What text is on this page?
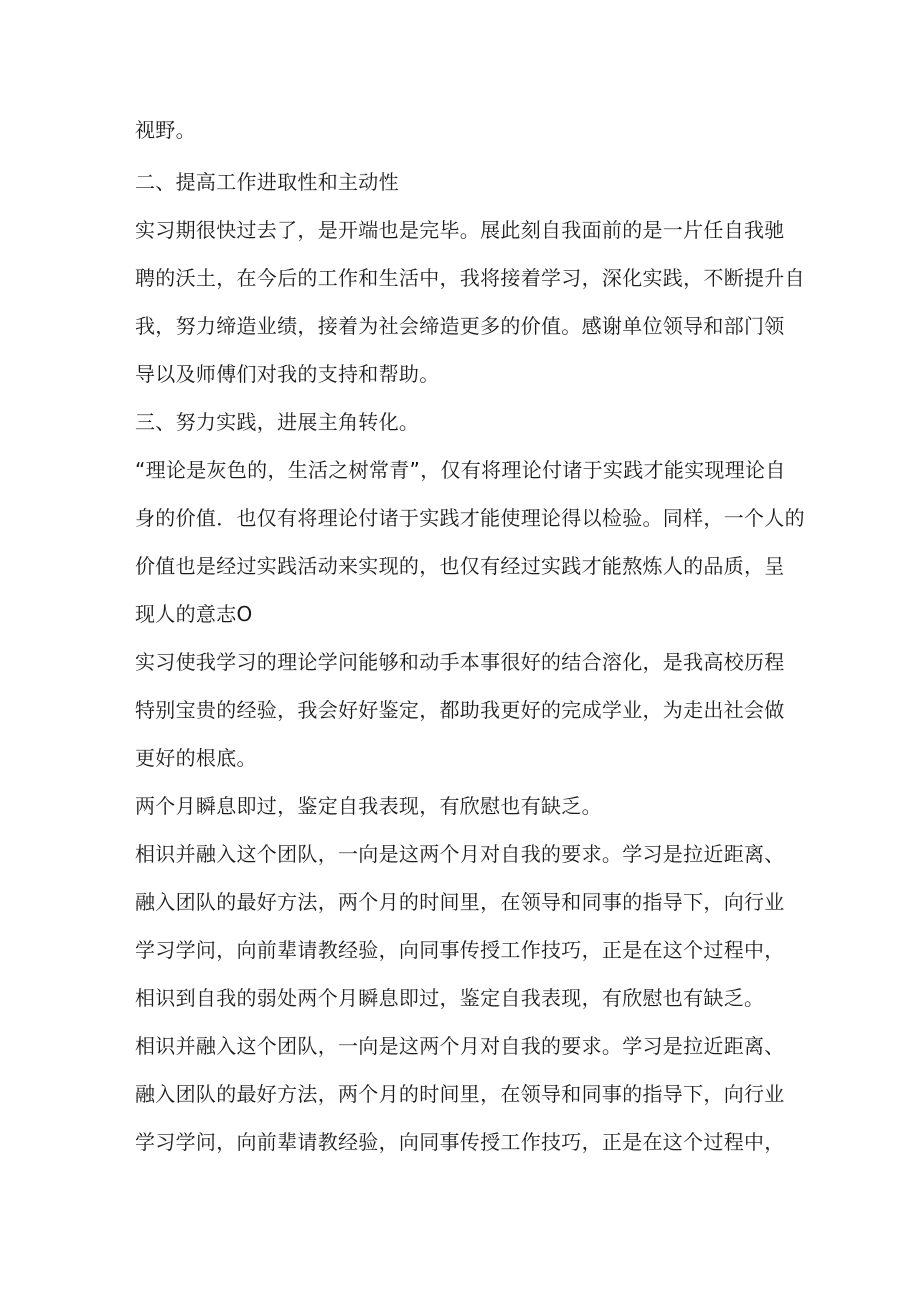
视野。
二、提高工作进取性和主动性
实习期很快过去了，是开端也是完毕。展此刻自我面前的是一片任自我驰
聘的沃土，在今后的工作和生活中，我将接着学习，深化实践，不断提升自
我，努力缔造业绩，接着为社会缔造更多的价值。感谢单位领导和部门领
导以及师傅们对我的支持和帮助。
三、努力实践，进展主角转化。
“理论是灰色的，生活之树常青”，仅有将理论付诸于实践才能实现理论自
身的价值．也仅有将理论付诸于实践才能使理论得以检验。同样，一个人的
价值也是经过实践活动来实现的，也仅有经过实践才能熬炼人的品质，呈
现人的意志O
实习使我学习的理论学问能够和动手本事很好的结合溶化，是我高校历程
特别宝贵的经验，我会好好鉴定，都助我更好的完成学业，为走出社会做
更好的根底。
两个月瞬息即过，鉴定自我表现，有欣慰也有缺乏。
相识并融入这个团队，一向是这两个月对自我的要求。学习是拉近距离、
融入团队的最好方法，两个月的时间里，在领导和同事的指导下，向行业
学习学问，向前辈请教经验，向同事传授工作技巧，正是在这个过程中，
相识到自我的弱处两个月瞬息即过，鉴定自我表现，有欣慰也有缺乏。
相识并融入这个团队，一向是这两个月对自我的要求。学习是拉近距离、
融入团队的最好方法，两个月的时间里，在领导和同事的指导下，向行业
学习学问，向前辈请教经验，向同事传授工作技巧，正是在这个过程中，
